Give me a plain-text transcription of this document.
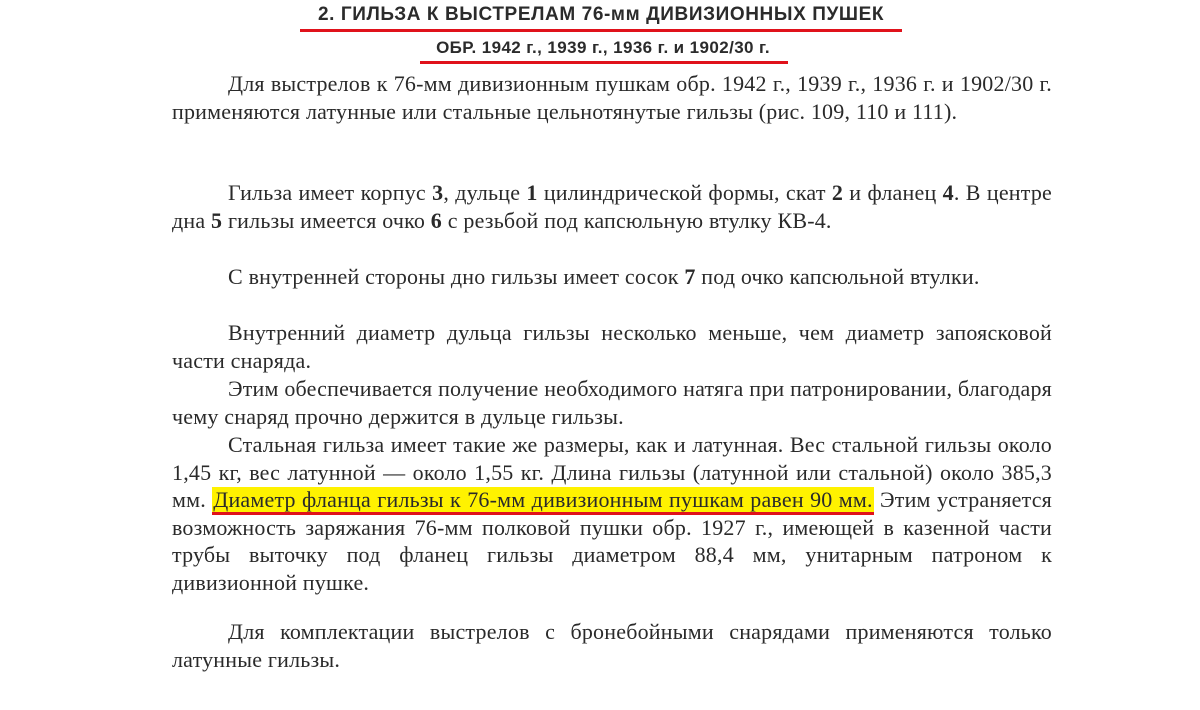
2. ГИЛЬЗА К ВЫСТРЕЛАМ 76-мм ДИВИЗИОННЫХ ПУШЕК
ОБР. 1942 г., 1939 г., 1936 г. и 1902/30 г.
Для выстрелов к 76-мм дивизионным пушкам обр. 1942 г., 1939 г., 1936 г. и 1902/30 г. применяются латунные или стальные цельнотянутые гильзы (рис. 109, 110 и 111).
Гильза имеет корпус 3, дульце 1 цилиндрической формы, скат 2 и фланец 4. В центре дна 5 гильзы имеется очко 6 с резьбой под капсюльную втулку КВ-4.
С внутренней стороны дно гильзы имеет сосок 7 под очко капсюльной втулки.
Внутренний диаметр дульца гильзы несколько меньше, чем диаметр запоясковой части снаряда.
Этим обеспечивается получение необходимого натяга при патронировании, благодаря чему снаряд прочно держится в дульце гильзы.
Стальная гильза имеет такие же размеры, как и латунная. Вес стальной гильзы около 1,45 кг, вес латунной — около 1,55 кг. Длина гильзы (латунной или стальной) около 385,3 мм. Диаметр фланца гильзы к 76-мм дивизионным пушкам равен 90 мм. Этим устраняется возможность заряжания 76-мм полковой пушки обр. 1927 г., имеющей в казенной части трубы выточку под фланец гильзы диаметром 88,4 мм, унитарным патроном к дивизионной пушке.
Для комплектации выстрелов с бронебойными снарядами применяются только латунные гильзы.
